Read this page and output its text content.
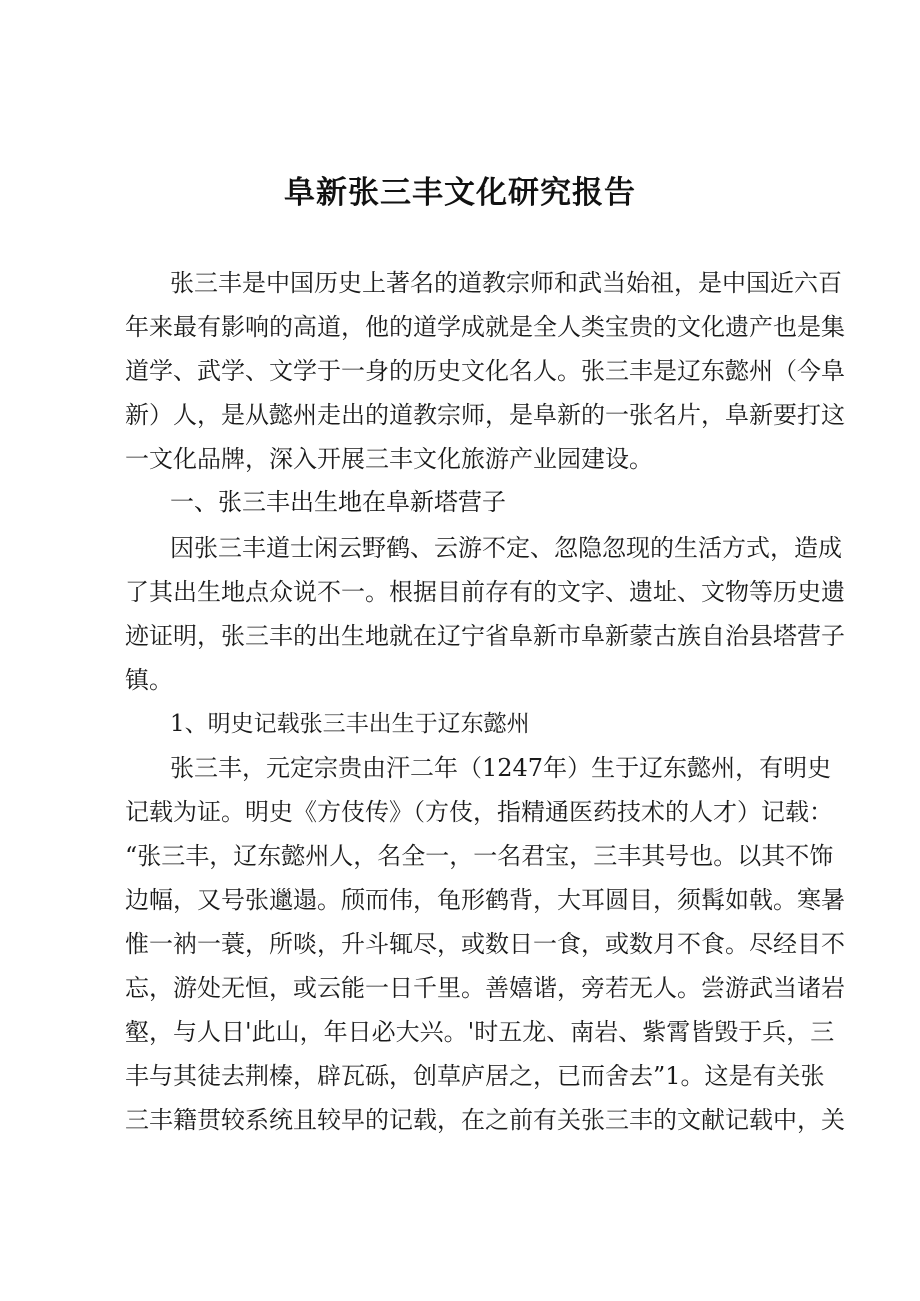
阜新张三丰文化研究报告
张三丰是中国历史上著名的道教宗师和武当始祖，是中国近六百
年来最有影响的高道，他的道学成就是全人类宝贵的文化遗产也是集
道学、武学、文学于一身的历史文化名人。张三丰是辽东懿州（今阜
新）人，是从懿州走出的道教宗师，是阜新的一张名片，阜新要打这
一文化品牌，深入开展三丰文化旅游产业园建设。
一、张三丰出生地在阜新塔营子
因张三丰道士闲云野鹤、云游不定、忽隐忽现的生活方式，造成
了其出生地点众说不一。根据目前存有的文字、遗址、文物等历史遗
迹证明，张三丰的出生地就在辽宁省阜新市阜新蒙古族自治县塔营子
镇。
1、明史记载张三丰出生于辽东懿州
张三丰，元定宗贵由汗二年（1247年）生于辽东懿州，有明史
记载为证。明史《方伎传》（方伎，指精通医药技术的人才）记载：
“张三丰，辽东懿州人，名全一，一名君宝，三丰其号也。以其不饰
边幅，又号张邋遢。颀而伟，龟形鹤背，大耳圆目，须髯如戟。寒暑
惟一衲一蓑，所啖，升斗辄尽，或数日一食，或数月不食。尽经目不
忘，游处无恒，或云能一日千里。善嬉谐，旁若无人。尝游武当诸岩
壑，与人日'此山，年日必大兴。'时五龙、南岩、紫霄皆毁于兵，三
丰与其徒去荆榛，辟瓦砾，创草庐居之，已而舍去”1。这是有关张
三丰籍贯较系统且较早的记载，在之前有关张三丰的文献记载中，关
